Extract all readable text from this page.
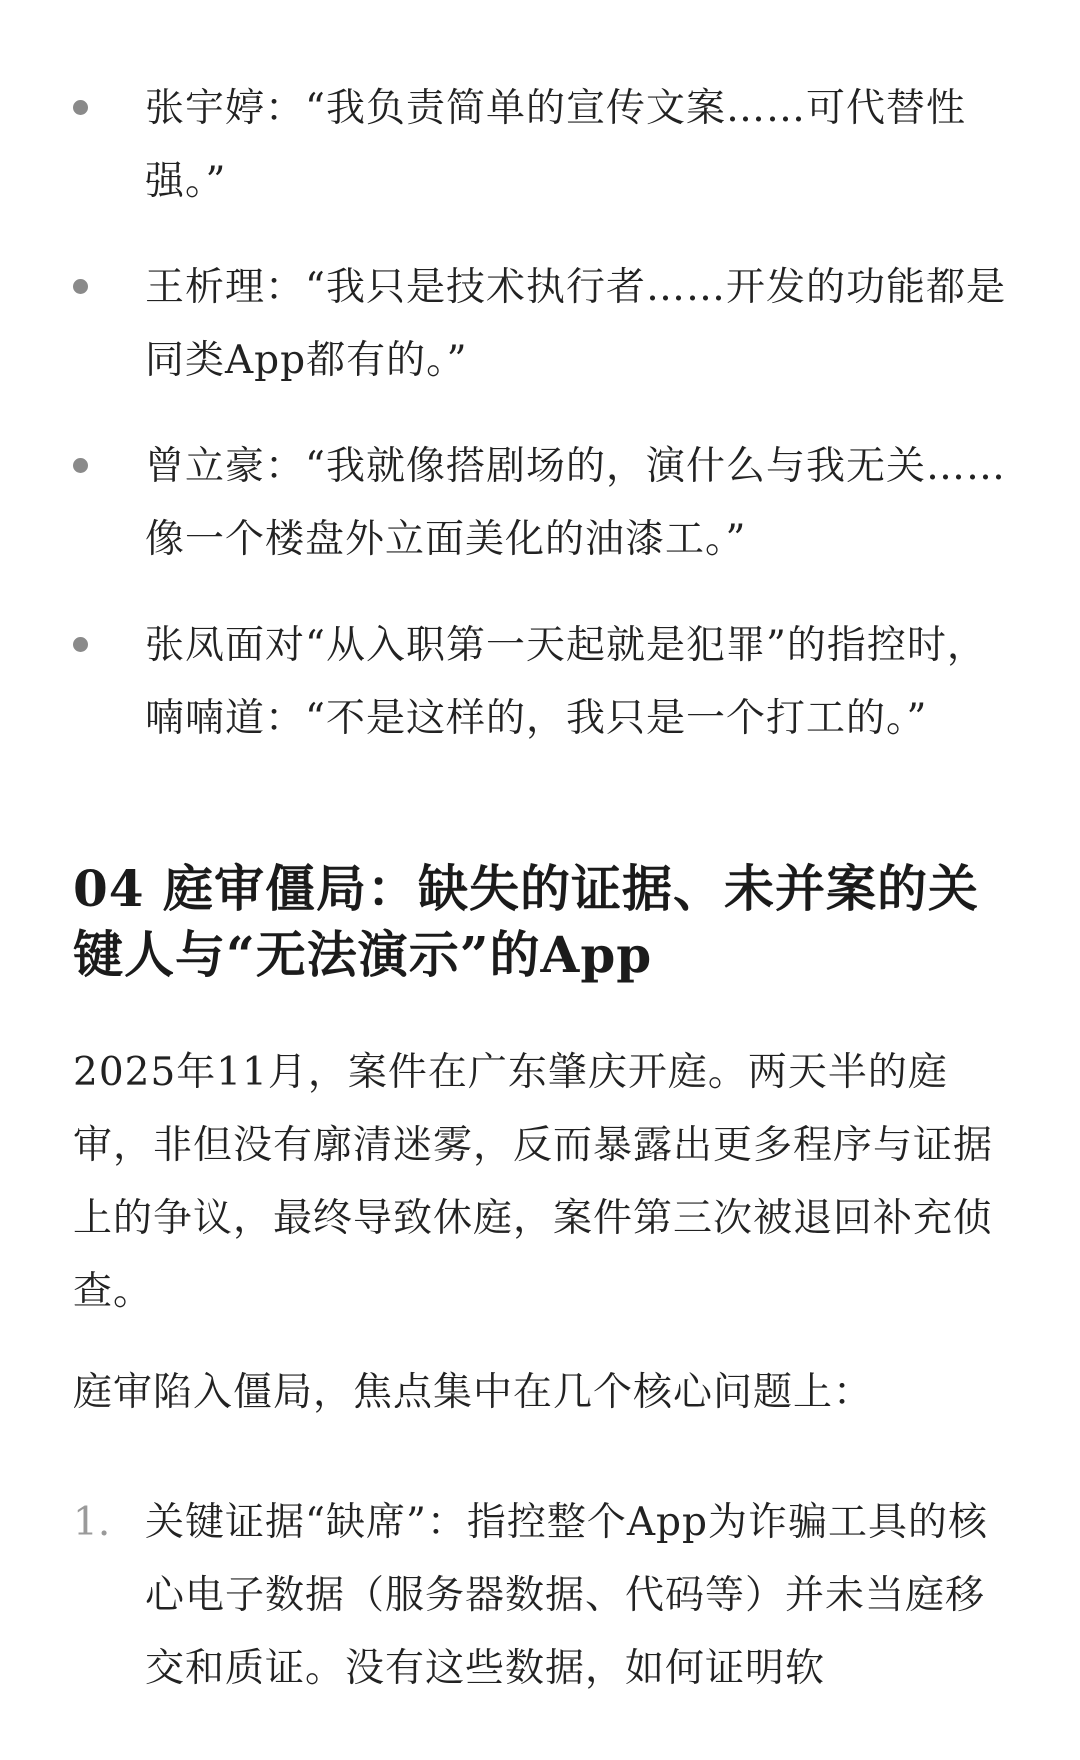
张宇婷：“我负责简单的宣传文案……可代替性强。”
王析理：“我只是技术执行者……开发的功能都是同类App都有的。”
曾立豪：“我就像搭剧场的，演什么与我无关……像一个楼盘外立面美化的油漆工。”
张凤面对“从入职第一天起就是犯罪”的指控时，喃喃道：“不是这样的，我只是一个打工的。”
04 庭审僵局：缺失的证据、未并案的关键人与“无法演示”的App

2025年11月，案件在广东肇庆开庭。两天半的庭审，非但没有廓清迷雾，反而暴露出更多程序与证据上的争议，最终导致休庭，案件第三次被退回补充侦查。

庭审陷入僵局，焦点集中在几个核心问题上：

1. 关键证据“缺席”：指控整个App为诈骗工具的核心电子数据（服务器数据、代码等）并未当庭移交和质证。没有这些数据，如何证明软
